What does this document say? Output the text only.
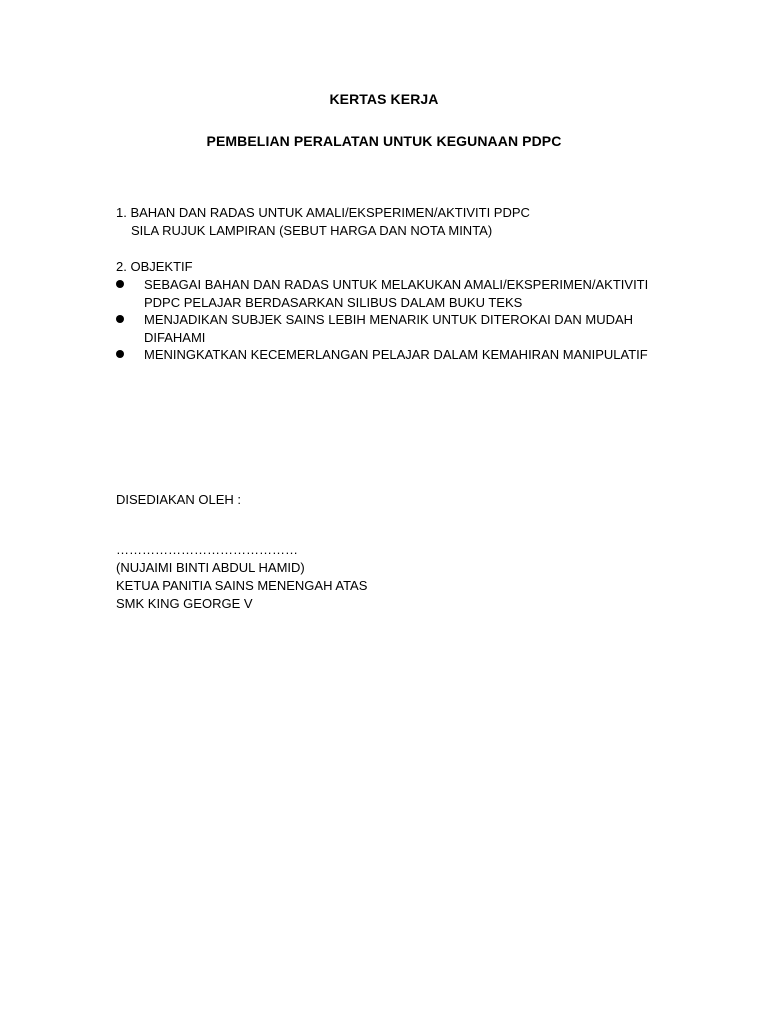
KERTAS KERJA
PEMBELIAN PERALATAN UNTUK KEGUNAAN PDPC
1. BAHAN DAN RADAS UNTUK AMALI/EKSPERIMEN/AKTIVITI PDPC
SILA RUJUK LAMPIRAN (SEBUT HARGA DAN NOTA MINTA)
2. OBJEKTIF
SEBAGAI BAHAN DAN RADAS UNTUK MELAKUKAN AMALI/EKSPERIMEN/AKTIVITI
PDPC PELAJAR BERDASARKAN SILIBUS DALAM BUKU TEKS
MENJADIKAN SUBJEK SAINS LEBIH MENARIK UNTUK DITEROKAI DAN MUDAH
DIFAHAMI
MENINGKATKAN KECEMERLANGAN PELAJAR DALAM KEMAHIRAN MANIPULATIF
DISEDIAKAN OLEH :
……………………………………
(NUJAIMI BINTI ABDUL HAMID)
KETUA PANITIA SAINS MENENGAH ATAS
SMK KING GEORGE V
